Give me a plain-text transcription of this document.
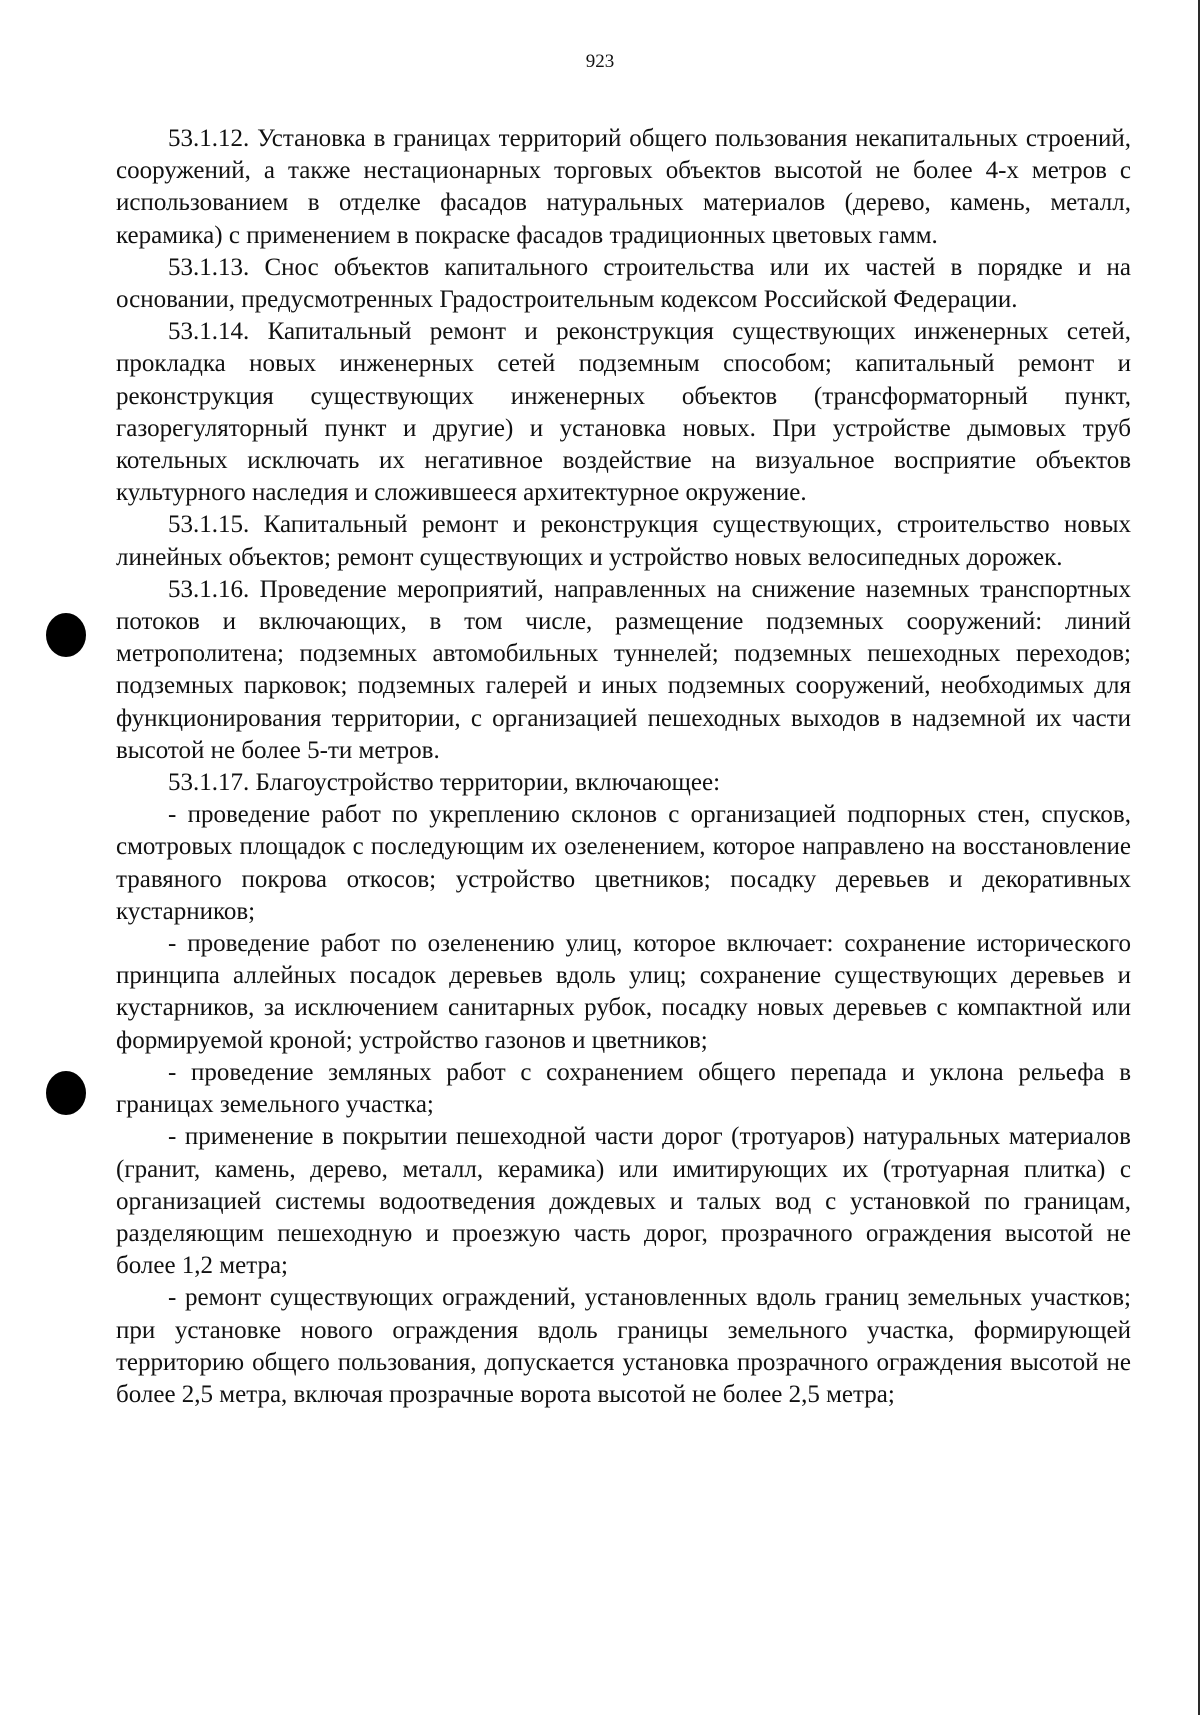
923

53.1.12. Установка в границах территорий общего пользования некапитальных строений, сооружений, а также нестационарных торговых объектов высотой не более 4-х метров с использованием в отделке фасадов натуральных материалов (дерево, камень, металл, керамика) с применением в покраске фасадов традиционных цветовых гамм.

53.1.13. Снос объектов капитального строительства или их частей в порядке и на основании, предусмотренных Градостроительным кодексом Российской Федерации.

53.1.14. Капитальный ремонт и реконструкция существующих инженерных сетей, прокладка новых инженерных сетей подземным способом; капитальный ремонт и реконструкция существующих инженерных объектов (трансформаторный пункт, газорегуляторный пункт и другие) и установка новых. При устройстве дымовых труб котельных исключать их негативное воздействие на визуальное восприятие объектов культурного наследия и сложившееся архитектурное окружение.

53.1.15. Капитальный ремонт и реконструкция существующих, строительство новых линейных объектов; ремонт существующих и устройство новых велосипедных дорожек.

53.1.16. Проведение мероприятий, направленных на снижение наземных транспортных потоков и включающих, в том числе, размещение подземных сооружений: линий метрополитена; подземных автомобильных туннелей; подземных пешеходных переходов; подземных парковок; подземных галерей и иных подземных сооружений, необходимых для функционирования территории, с организацией пешеходных выходов в надземной их части высотой не более 5-ти метров.

53.1.17. Благоустройство территории, включающее:

- проведение работ по укреплению склонов с организацией подпорных стен, спусков, смотровых площадок с последующим их озеленением, которое направлено на восстановление травяного покрова откосов; устройство цветников; посадку деревьев и декоративных кустарников;

- проведение работ по озеленению улиц, которое включает: сохранение исторического принципа аллейных посадок деревьев вдоль улиц; сохранение существующих деревьев и кустарников, за исключением санитарных рубок, посадку новых деревьев с компактной или формируемой кроной; устройство газонов и цветников;

- проведение земляных работ с сохранением общего перепада и уклона рельефа в границах земельного участка;

- применение в покрытии пешеходной части дорог (тротуаров) натуральных материалов (гранит, камень, дерево, металл, керамика) или имитирующих их (тротуарная плитка) с организацией системы водоотведения дождевых и талых вод с установкой по границам, разделяющим пешеходную и проезжую часть дорог, прозрачного ограждения высотой не более 1,2 метра;

- ремонт существующих ограждений, установленных вдоль границ земельных участков; при установке нового ограждения вдоль границы земельного участка, формирующей территорию общего пользования, допускается установка прозрачного ограждения высотой не более 2,5 метра, включая прозрачные ворота высотой не более 2,5 метра;
